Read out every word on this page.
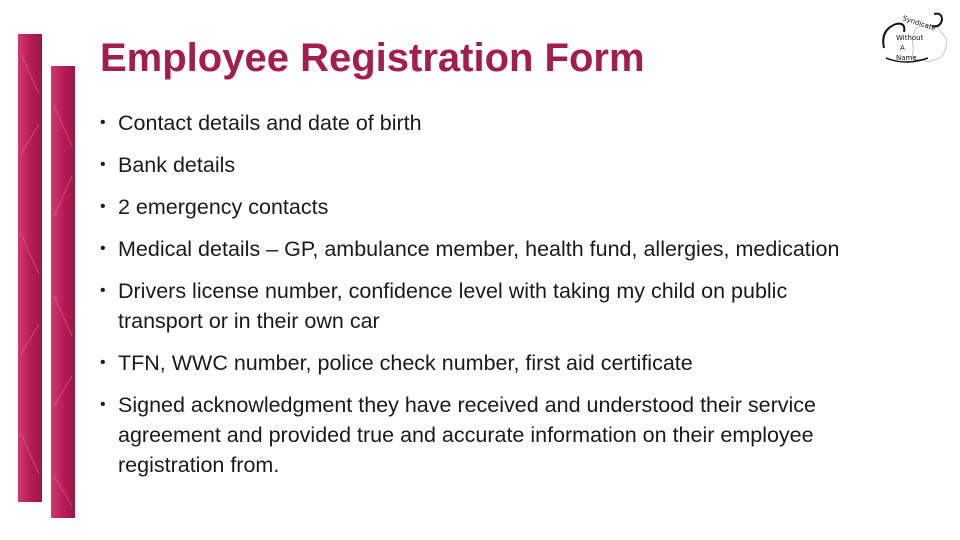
Employee Registration Form
Syndicate
Without
A
Name
• Contact details and date of birth
• Bank details
• 2 emergency contacts
• Medical details – GP, ambulance member, health fund, allergies, medication
• Drivers license number, confidence level with taking my child on public transport or in their own car
• TFN, WWC number, police check number, first aid certificate
• Signed acknowledgment they have received and understood their service agreement and provided true and accurate information on their employee registration from.
